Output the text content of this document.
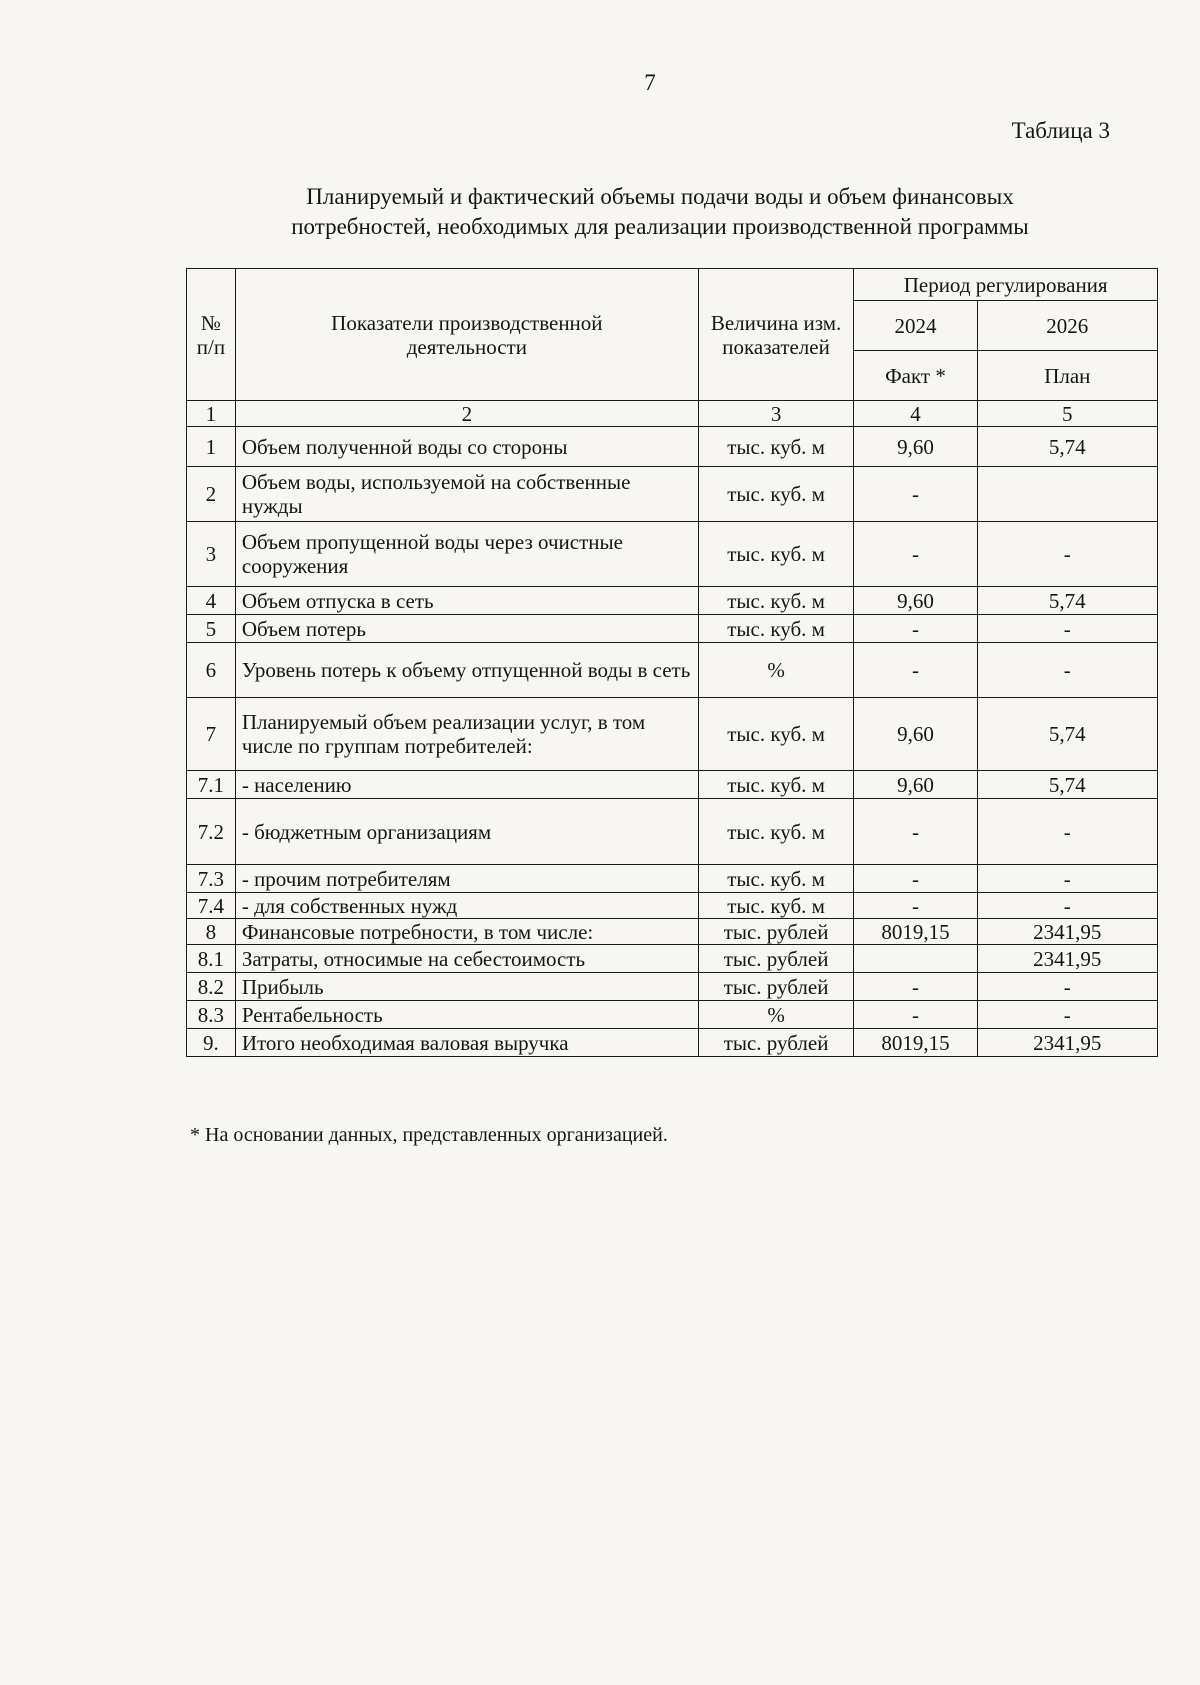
7
Таблица 3
Планируемый и фактический объемы подачи воды и объем финансовых
потребностей, необходимых для реализации производственной программы
№ п/п	Показатели производственной деятельности	Величина изм. показателей	Период регулирования	
			2024	2026
			Факт *	План
1	2	3	4	5
1	Объем полученной воды со стороны	тыс. куб. м	9,60	5,74
2	Объем воды, используемой на собственные нужды	тыс. куб. м	-	
3	Объем пропущенной воды через очистные сооружения	тыс. куб. м	-	-
4	Объем отпуска в сеть	тыс. куб. м	9,60	5,74
5	Объем потерь	тыс. куб. м	-	-
6	Уровень потерь к объему отпущенной воды в сеть	%	-	-
7	Планируемый объем реализации услуг, в том числе по группам потребителей:	тыс. куб. м	9,60	5,74
7.1	- населению	тыс. куб. м	9,60	5,74
7.2	- бюджетным организациям	тыс. куб. м	-	-
7.3	- прочим потребителям	тыс. куб. м	-	-
7.4	- для собственных нужд	тыс. куб. м	-	-
8	Финансовые потребности, в том числе:	тыс. рублей	8019,15	2341,95
8.1	Затраты, относимые на себестоимость	тыс. рублей		2341,95
8.2	Прибыль	тыс. рублей	-	-
8.3	Рентабельность	%	-	-
9.	Итого необходимая валовая выручка	тыс. рублей	8019,15	2341,95
* На основании данных, представленных организацией.
